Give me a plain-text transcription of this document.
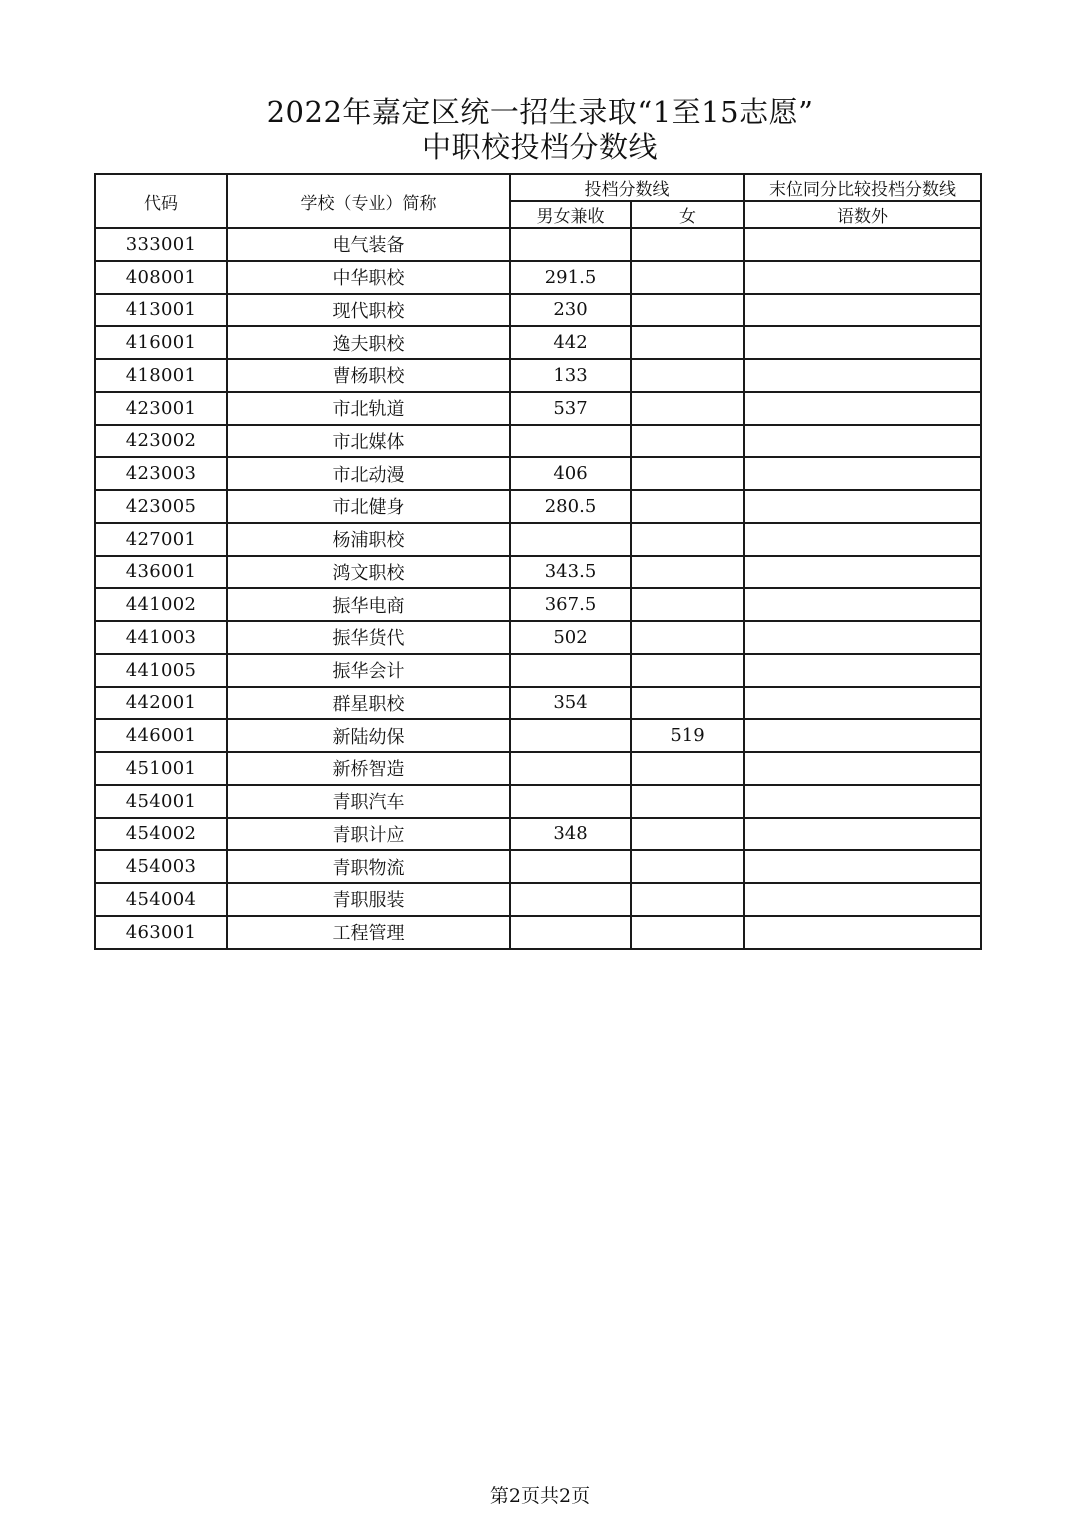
2022年嘉定区统一招生录取“1至15志愿”
中职校投档分数线
代码	学校（专业）简称	投档分数线		末位同分比较投档分数线
		男女兼收	女	语数外
333001	电气装备			
408001	中华职校	291.5		
413001	现代职校	230		
416001	逸夫职校	442		
418001	曹杨职校	133		
423001	市北轨道	537		
423002	市北媒体			
423003	市北动漫	406		
423005	市北健身	280.5		
427001	杨浦职校			
436001	鸿文职校	343.5		
441002	振华电商	367.5		
441003	振华货代	502		
441005	振华会计			
442001	群星职校	354		
446001	新陆幼保		519	
451001	新桥智造			
454001	青职汽车			
454002	青职计应	348		
454003	青职物流			
454004	青职服装			
463001	工程管理			
第2页共2页
